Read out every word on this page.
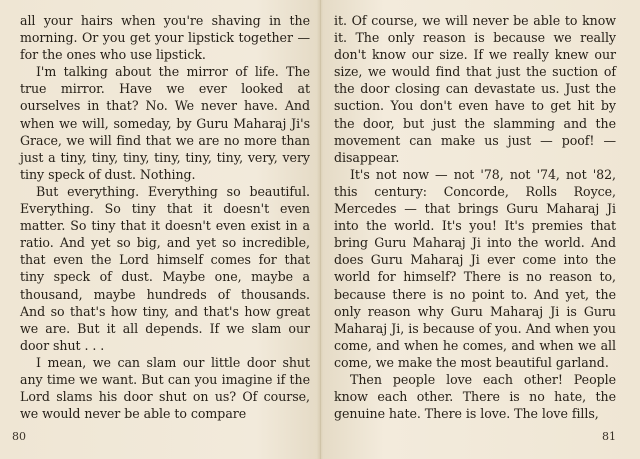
all your hairs when you're shaving in the morning. Or you get your lipstick together — for the ones who use lipstick.

I'm talking about the mirror of life. The true mirror. Have we ever looked at ourselves in that? No. We never have. And when we will, someday, by Guru Maharaj Ji's Grace, we will find that we are no more than just a tiny, tiny, tiny, tiny, tiny, tiny, very, very tiny speck of dust. Nothing.

But everything. Everything so beautiful. Everything. So tiny that it doesn't even matter. So tiny that it doesn't even exist in a ratio. And yet so big, and yet so incredible, that even the Lord himself comes for that tiny speck of dust. Maybe one, maybe a thousand, maybe hundreds of thousands. And so that's how tiny, and that's how great we are. But it all depends. If we slam our door shut . . .

I mean, we can slam our little door shut any time we want. But can you imagine if the Lord slams his door shut on us? Of course, we would never be able to compare

80

it. Of course, we will never be able to know it. The only reason is because we really don't know our size. If we really knew our size, we would find that just the suction of the door closing can devastate us. Just the suction. You don't even have to get hit by the door, but just the slamming and the movement can make us just — poof! — disappear.

It's not now — not '78, not '74, not '82, this century: Concorde, Rolls Royce, Mercedes — that brings Guru Maharaj Ji into the world. It's you! It's premies that bring Guru Maharaj Ji into the world. And does Guru Maharaj Ji ever come into the world for himself? There is no reason to, because there is no point to. And yet, the only reason why Guru Maharaj Ji is Guru Maharaj Ji, is because of you. And when you come, and when he comes, and when we all come, we make the most beautiful garland.

Then people love each other! People know each other. There is no hate, the genuine hate. There is love. The love fills,

81
